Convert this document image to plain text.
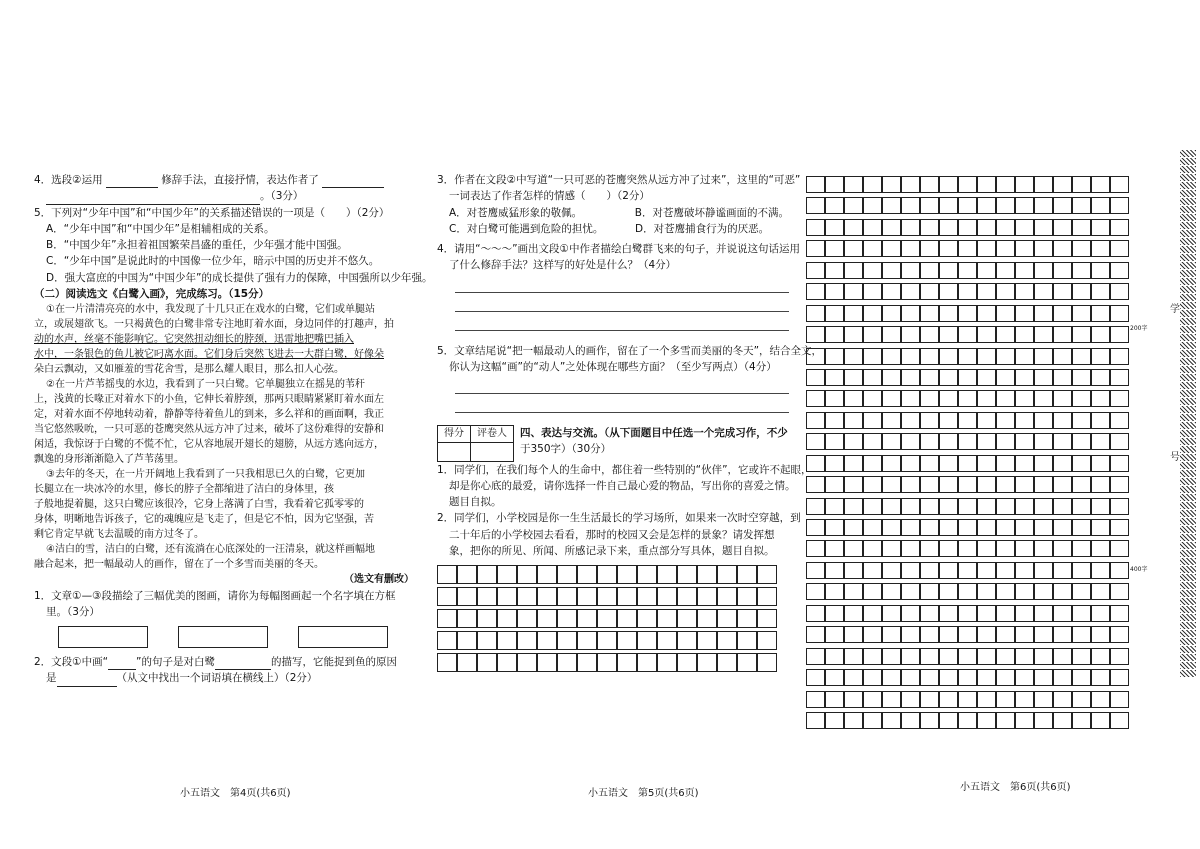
4．选段②运用	修辞手法，直接抒情，表达作者了
。（3分）
5．下列对“少年中国”和“中国少年”的关系描述错误的一项是（　　）（2分）
A．“少年中国”和“中国少年”是相辅相成的关系。
B．“中国少年”永担着祖国繁荣昌盛的重任，少年强才能中国强。
C．“少年中国”是说此时的中国像一位少年，暗示中国的历史并不悠久。
D．强大富庶的中国为“中国少年”的成长提供了强有力的保障，中国强所以少年强。
（二）阅读选文《白鹭入画》，完成练习。（15分）
①在一片清清亮亮的水中，我发现了十几只正在戏水的白鹭，它们或单腿站
立，或展翅欲飞。一只褐黄色的白鹭非常专注地盯着水面，身边同伴的打趣声，拍
动的水声，丝毫不能影响它。它突然扭动细长的脖颈，迅雷地把嘴巴插入
水中，一条银色的鱼儿被它叼离水面。它们身后突然飞进去一大群白鹭，好像朵
朵白云飘动，又如雁羞的雪花舍雪，是那么耀人眼目，那么扣人心弦。
②在一片芦苇摇曳的水边，我看到了一只白鹭。它单腿独立在摇晃的苇秆
上，浅黄的长喙正对着水下的小鱼，它伸长着脖颈，那两只眼睛紧紧盯着水面左
定，对着水面不停地转动着，静静等待着鱼儿的到来，多么祥和的画面啊，我正
当它悠然吸吮，一只可恶的苍鹰突然从远方冲了过来，破坏了这份难得的安静和
闲适，我惊讶于白鹭的不慌不忙，它从容地展开翅长的翅膀，从远方逃向远方，
飘逸的身形渐渐隐入了芦苇荡里。
③去年的冬天，在一片开阔地上我看到了一只我相思已久的白鹭，它更加
长腿立在一块冰冷的水里，修长的脖子全都缩进了洁白的身体里，孩
子般地提着腿，这只白鹭应该很冷，它身上落满了白雪，我看着它孤零零的
身体，明晰地告诉孩子，它的魂魄应是飞走了，但是它不怕，因为它坚强，苦
剩它肯定早就飞去温暖的南方过冬了。
④洁白的雪，洁白的白鹭，还有流淌在心底深处的一汪清泉，就这样画幅地
融合起来，把一幅最动人的画作，留在了一个多雪而美丽的冬天。
（选文有删改）
1．文章①—③段描绘了三幅优美的图画，请你为每幅图画起一个名字填在方框
里。（3分）
2．文段①中画“	”的句子是对白鹭	的描写，它能捉到鱼的原因
是	（从文中找出一个词语填在横线上）（2分）
小五语文　第4页(共6页)
3．作者在文段②中写道“一只可恶的苍鹰突然从远方冲了过来”，这里的“可恶”
一词表达了作者怎样的情感（　　）（2分）
A．对苍鹰威猛形象的敬佩。	B．对苍鹰破坏静谧画面的不满。
C．对白鹭可能遇到危险的担忧。	D．对苍鹰捕食行为的厌恶。
4．请用“～～～”画出文段①中作者描绘白鹭群飞来的句子，并说说这句话运用
了什么修辞手法？这样写的好处是什么？（4分）
5．文章结尾说“把一幅最动人的画作，留在了一个多雪而美丽的冬天”，结合全文，
你认为这幅“画”的“动人”之处体现在哪些方面？（至少写两点）（4分）
得分	评卷人
	四、表达与交流。（从下面题目中任选一个完成习作，不少
于350字）（30分）
1．同学们，在我们每个人的生命中，都住着一些特别的“伙伴”，它或许不起眼，
却是你心底的最爱，请你选择一件自己最心爱的物品，写出你的喜爱之情。
题目自拟。
2．同学们，小学校园是你一生生活最长的学习场所，如果来一次时空穿越，到
二十年后的小学校园去看看，那时的校园又会是怎样的景象？请发挥想
象，把你的所见、所闻、所感记录下来，重点部分写具体，题目自拟。
小五语文　第5页(共6页)
200字
400字
小五语文　第6页(共6页)
学
号
